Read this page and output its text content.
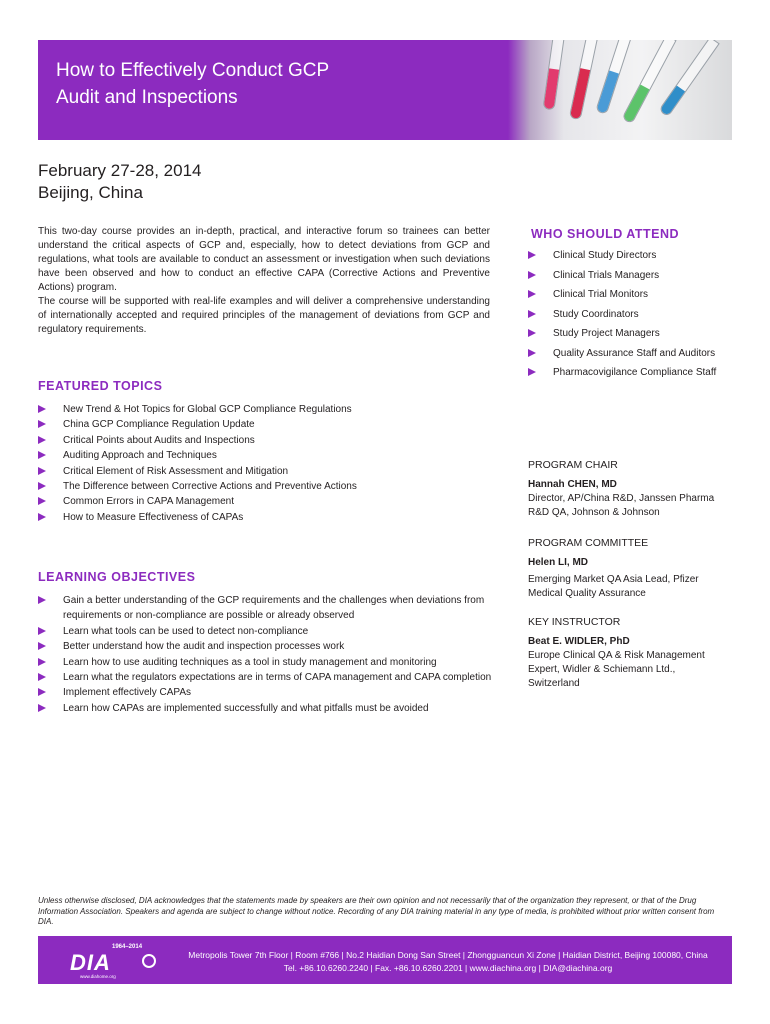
How to Effectively Conduct GCP
Audit and Inspections
February 27-28, 2014
Beijing, China

This two-day course provides an in-depth, practical, and interactive forum so trainees can better understand the critical aspects of GCP and, especially, how to detect deviations from GCP and regulations, what tools are available to conduct an assessment or investigation when such deviations have been observed and how to conduct an effective CAPA (Corrective Actions and Preventive Actions) program.

The course will be supported with real-life examples and will deliver a comprehensive understanding of internationally accepted and required principles of the management of deviations from GCP and regulatory requirements.

WHO SHOULD ATTEND
Clinical Study Directors
Clinical Trials Managers
Clinical Trial Monitors
Study Coordinators
Study Project Managers
Quality Assurance Staff and Auditors
Pharmacovigilance Compliance Staff
FEATURED TOPICS
New Trend & Hot Topics for Global GCP Compliance Regulations
China GCP Compliance Regulation Update
Critical Points about Audits and Inspections
Auditing Approach and Techniques
Critical Element of Risk Assessment and Mitigation
The Difference between Corrective Actions and Preventive Actions
Common Errors in CAPA Management
How to Measure Effectiveness of CAPAs
LEARNING OBJECTIVES
Gain a better understanding of the GCP requirements and the challenges when deviations from requirements or non-compliance are possible or already observed
Learn what tools can be used to detect non-compliance
Better understand how the audit and inspection processes work
Learn how to use auditing techniques as a tool in study management and monitoring
Learn what the regulators expectations are in terms of CAPA management and CAPA completion
Implement effectively CAPAs
Learn how CAPAs are implemented successfully and what pitfalls must be avoided
PROGRAM CHAIR
Hannah CHEN, MD
Director, AP/China R&D, Janssen Pharma
R&D QA, Johnson & Johnson
PROGRAM COMMITTEE
Helen LI, MD
Emerging Market QA Asia Lead, Pfizer
Medical Quality Assurance
KEY INSTRUCTOR
Beat E. WIDLER, PhD
Europe Clinical QA & Risk Management
Expert, Widler & Schiemann Ltd.,
Switzerland
Unless otherwise disclosed, DIA acknowledges that the statements made by speakers are their own opinion and not necessarily that of the organization they represent, or that of the Drug Information Association. Speakers and agenda are subject to change without notice. Recording of any DIA training material in any type of media, is prohibited without prior written consent from DIA.
1964–2014
DIA
www.diahome.org
Metropolis Tower 7th Floor | Room #766 | No.2 Haidian Dong San Street | Zhongguancun Xi Zone | Haidian District, Beijing 100080, China
Tel. +86.10.6260.2240 | Fax. +86.10.6260.2201 | www.diachina.org | DIA@diachina.org
